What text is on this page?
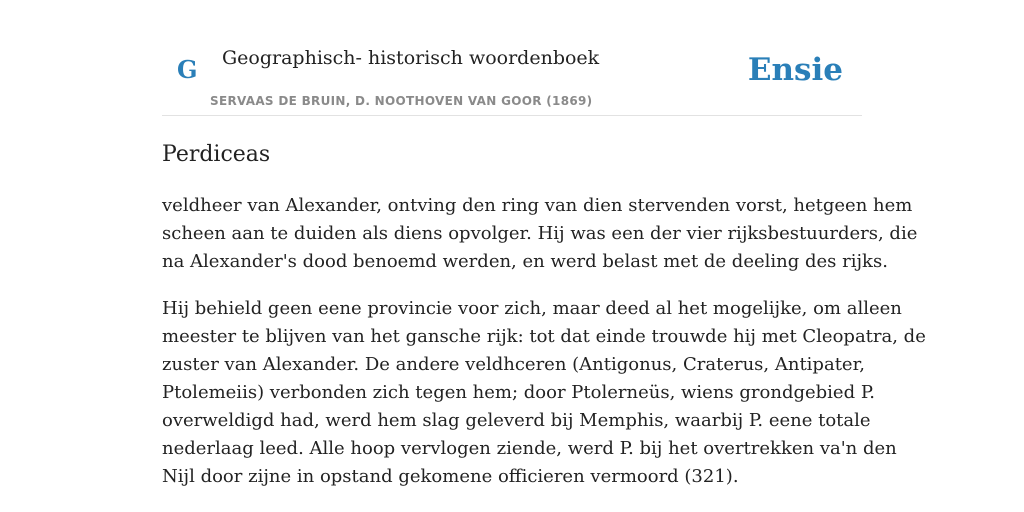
G Geographisch- historisch woordenboek
SERVAAS DE BRUIN, D. NOOTHOVEN VAN GOOR (1869)
Ensie
Perdiceas

veldheer van Alexander, ontving den ring van dien stervenden vorst, hetgeen hem
scheen aan te duiden als diens opvolger. Hij was een der vier rijksbestuurders, die
na Alexander's dood benoemd werden, en werd belast met de deeling des rijks.

Hij behield geen eene provincie voor zich, maar deed al het mogelijke, om alleen
meester te blijven van het gansche rijk: tot dat einde trouwde hij met Cleopatra, de
zuster van Alexander. De andere veldhceren (Antigonus, Craterus, Antipater,
Ptolemeiis) verbonden zich tegen hem; door Ptolerneüs, wiens grondgebied P.
overweldigd had, werd hem slag geleverd bij Memphis, waarbij P. eene totale
nederlaag leed. Alle hoop vervlogen ziende, werd P. bij het overtrekken va'n den
Nijl door zijne in opstand gekomene officieren vermoord (321).
